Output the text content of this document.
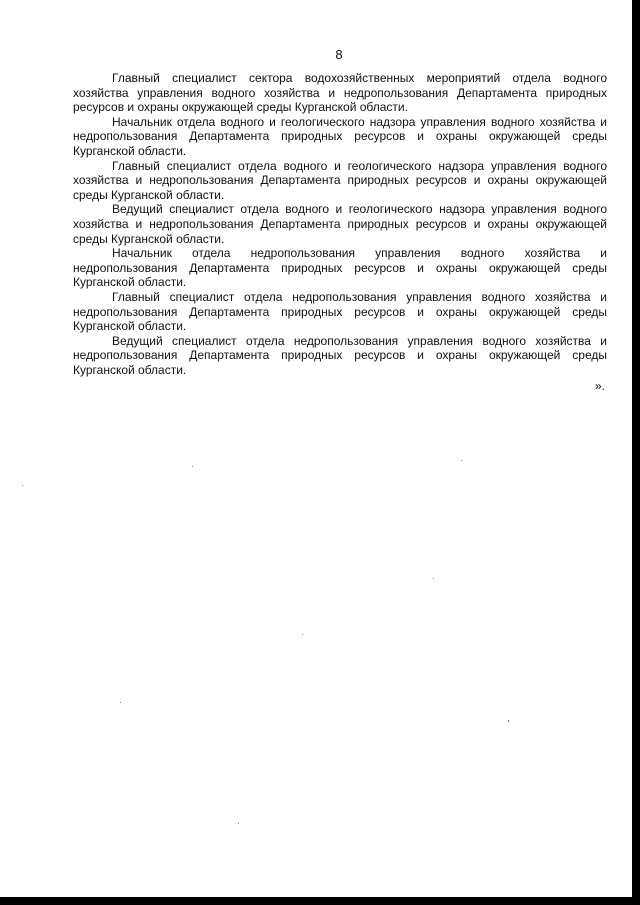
8

Главный специалист сектора водохозяйственных мероприятий отдела водного хозяйства управления водного хозяйства и недропользования Департамента природных ресурсов и охраны окружающей среды Курганской области.

Начальник отдела водного и геологического надзора управления водного хозяйства и недропользования Департамента природных ресурсов и охраны окружающей среды Курганской области.

Главный специалист отдела водного и геологического надзора управления водного хозяйства и недропользования Департамента природных ресурсов и охраны окружающей среды Курганской области.

Ведущий специалист отдела водного и геологического надзора управления водного хозяйства и недропользования Департамента природных ресурсов и охраны окружающей среды Курганской области.

Начальник отдела недропользования управления водного хозяйства и недропользования Департамента природных ресурсов и охраны окружающей среды Курганской области.

Главный специалист отдела недропользования управления водного хозяйства и недропользования Департамента природных ресурсов и охраны окружающей среды Курганской области.

Ведущий специалист отдела недропользования управления водного хозяйства и недропользования Департамента природных ресурсов и охраны окружающей среды Курганской области.

».
